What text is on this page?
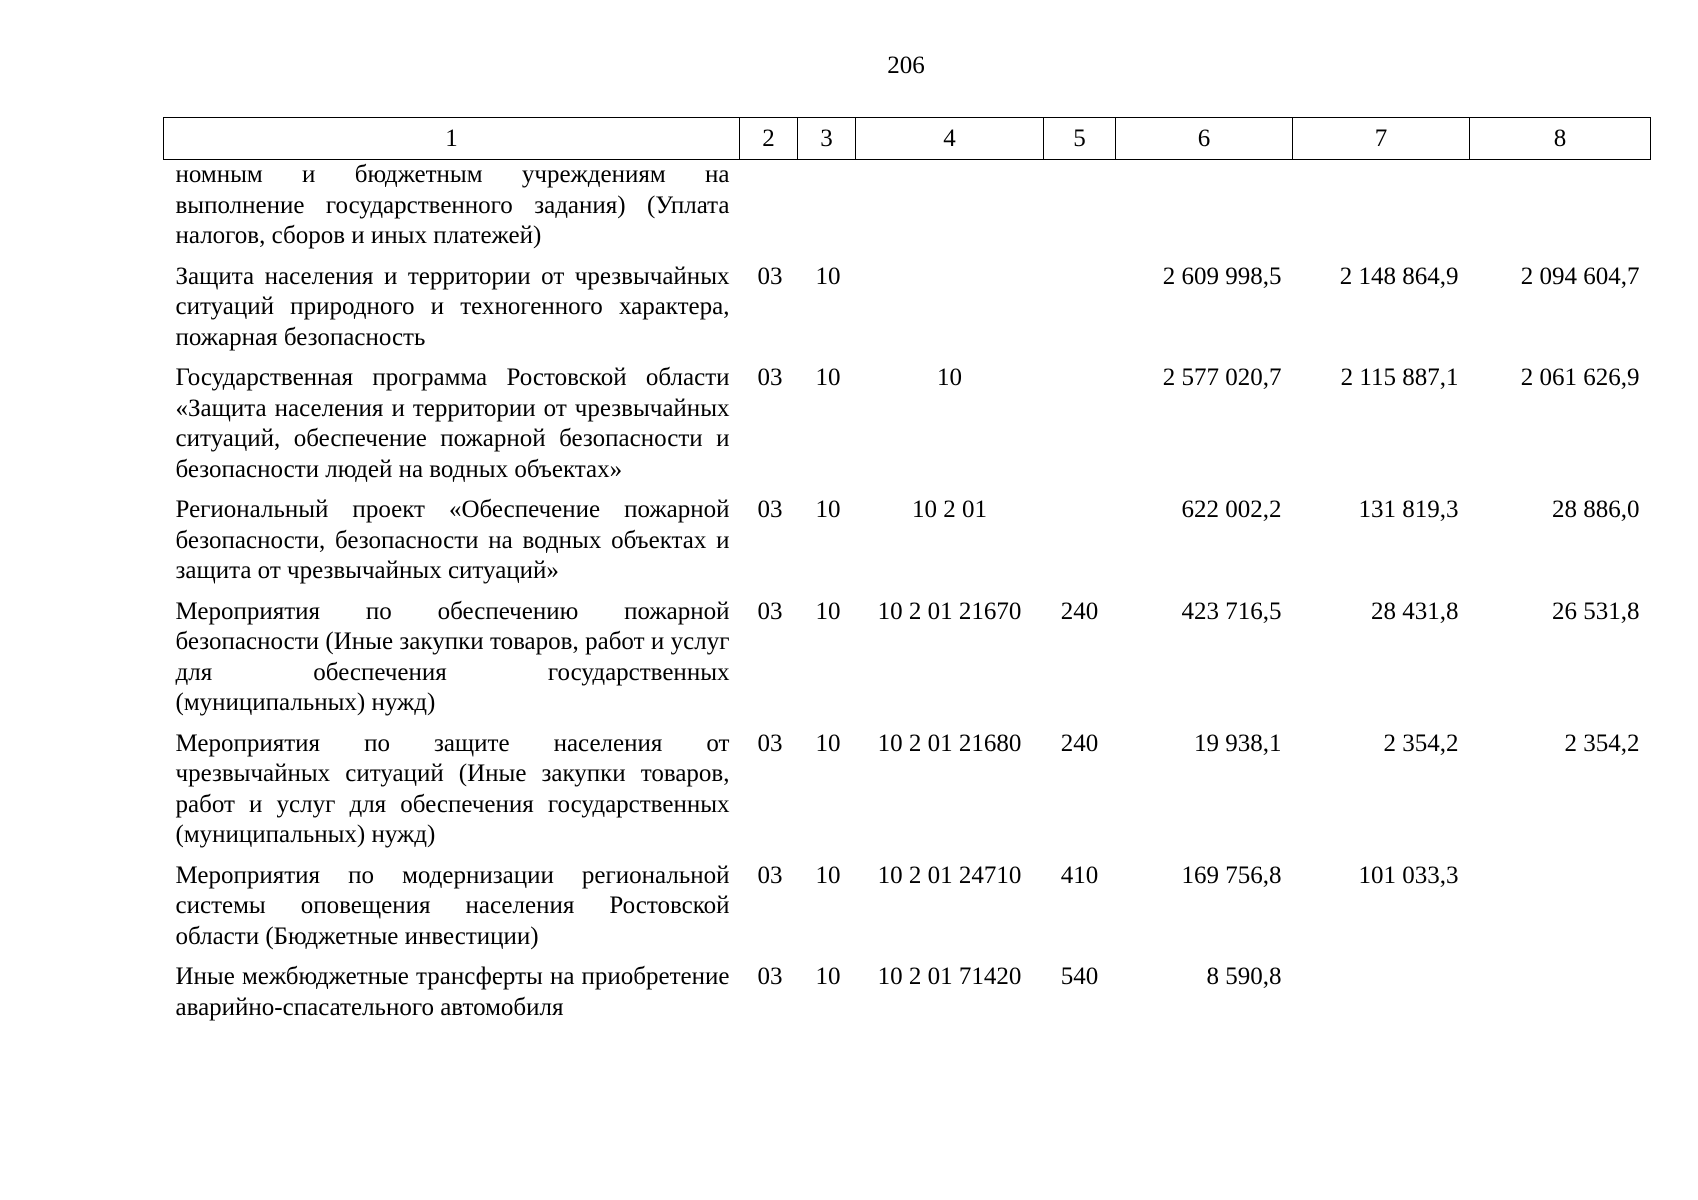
206
1	2	3	4	5	6	7	8
номным и бюджетным учреждениям на выполнение государственного задания) (Уплата налогов, сборов и иных платежей)							
Защита населения и территории от чрезвычайных ситуаций природного и техногенного характера, пожарная безопасность	03	10			2 609 998,5	2 148 864,9	2 094 604,7
Государственная программа Ростовской области «Защита населения и территории от чрезвычайных ситуаций, обеспечение пожарной безопасности и безопасности людей на водных объектах»	03	10	10		2 577 020,7	2 115 887,1	2 061 626,9
Региональный проект «Обеспечение пожарной безопасности, безопасности на водных объектах и защита от чрезвычайных ситуаций»	03	10	10 2 01		622 002,2	131 819,3	28 886,0
Мероприятия по обеспечению пожарной безопасности (Иные закупки товаров, работ и услуг для обеспечения государственных (муниципальных) нужд)	03	10	10 2 01 21670	240	423 716,5	28 431,8	26 531,8
Мероприятия по защите населения от чрезвычайных ситуаций (Иные закупки товаров, работ и услуг для обеспечения государственных (муниципальных) нужд)	03	10	10 2 01 21680	240	19 938,1	2 354,2	2 354,2
Мероприятия по модернизации региональной системы оповещения населения Ростовской области (Бюджетные инвестиции)	03	10	10 2 01 24710	410	169 756,8	101 033,3	
Иные межбюджетные трансферты на приобретение аварийно-спасательного автомобиля	03	10	10 2 01 71420	540	8 590,8		
